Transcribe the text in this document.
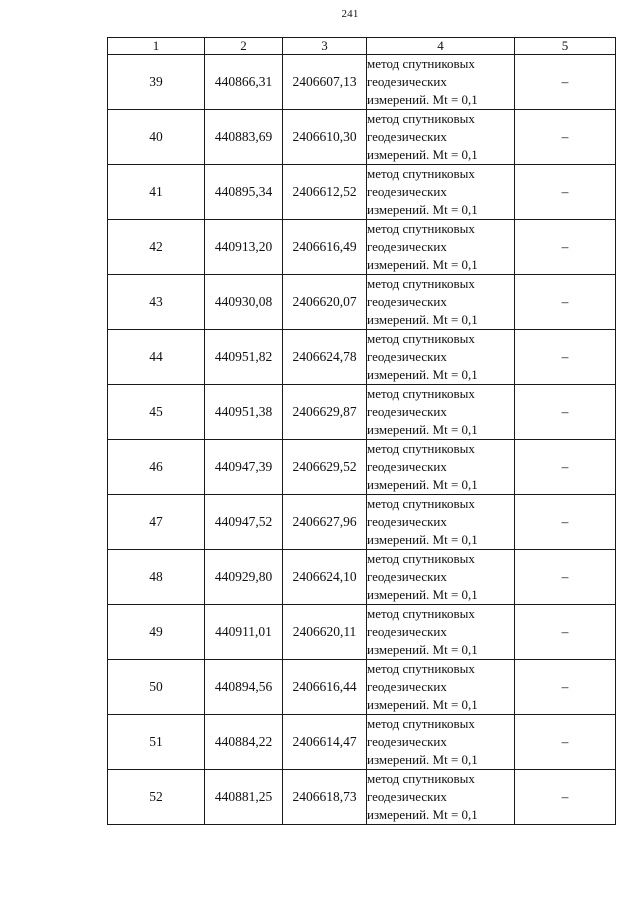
241
1	2	3	4	5
39	440866,31	2406607,13	метод спутниковых
геодезических
измерений. Mt = 0,1	–
40	440883,69	2406610,30	метод спутниковых
геодезических
измерений. Mt = 0,1	–
41	440895,34	2406612,52	метод спутниковых
геодезических
измерений. Mt = 0,1	–
42	440913,20	2406616,49	метод спутниковых
геодезических
измерений. Mt = 0,1	–
43	440930,08	2406620,07	метод спутниковых
геодезических
измерений. Mt = 0,1	–
44	440951,82	2406624,78	метод спутниковых
геодезических
измерений. Mt = 0,1	–
45	440951,38	2406629,87	метод спутниковых
геодезических
измерений. Mt = 0,1	–
46	440947,39	2406629,52	метод спутниковых
геодезических
измерений. Mt = 0,1	–
47	440947,52	2406627,96	метод спутниковых
геодезических
измерений. Mt = 0,1	–
48	440929,80	2406624,10	метод спутниковых
геодезических
измерений. Mt = 0,1	–
49	440911,01	2406620,11	метод спутниковых
геодезических
измерений. Mt = 0,1	–
50	440894,56	2406616,44	метод спутниковых
геодезических
измерений. Mt = 0,1	–
51	440884,22	2406614,47	метод спутниковых
геодезических
измерений. Mt = 0,1	–
52	440881,25	2406618,73	метод спутниковых
геодезических
измерений. Mt = 0,1	–
